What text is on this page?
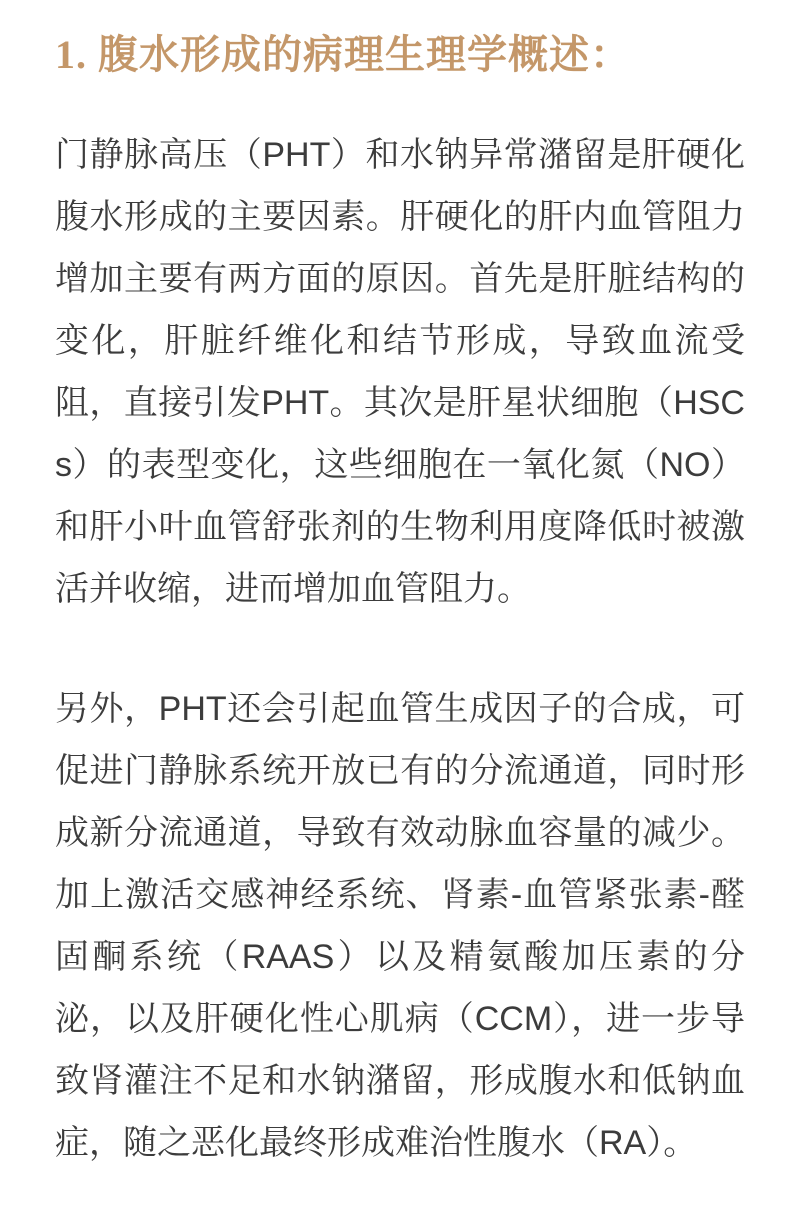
1. 腹水形成的病理生理学概述：

门静脉高压（PHT）和水钠异常潴留是肝硬化腹水形成的主要因素。肝硬化的肝内血管阻力增加主要有两方面的原因。首先是肝脏结构的变化，肝脏纤维化和结节形成，导致血流受阻，直接引发PHT。其次是肝星状细胞（HSCs）的表型变化，这些细胞在一氧化氮（NO）和肝小叶血管舒张剂的生物利用度降低时被激活并收缩，进而增加血管阻力。

另外，PHT还会引起血管生成因子的合成，可促进门静脉系统开放已有的分流通道，同时形成新分流通道，导致有效动脉血容量的减少。加上激活交感神经系统、肾素-血管紧张素-醛固酮系统（RAAS）以及精氨酸加压素的分泌，以及肝硬化性心肌病（CCM），进一步导致肾灌注不足和水钠潴留，形成腹水和低钠血症，随之恶化最终形成难治性腹水（RA）。
